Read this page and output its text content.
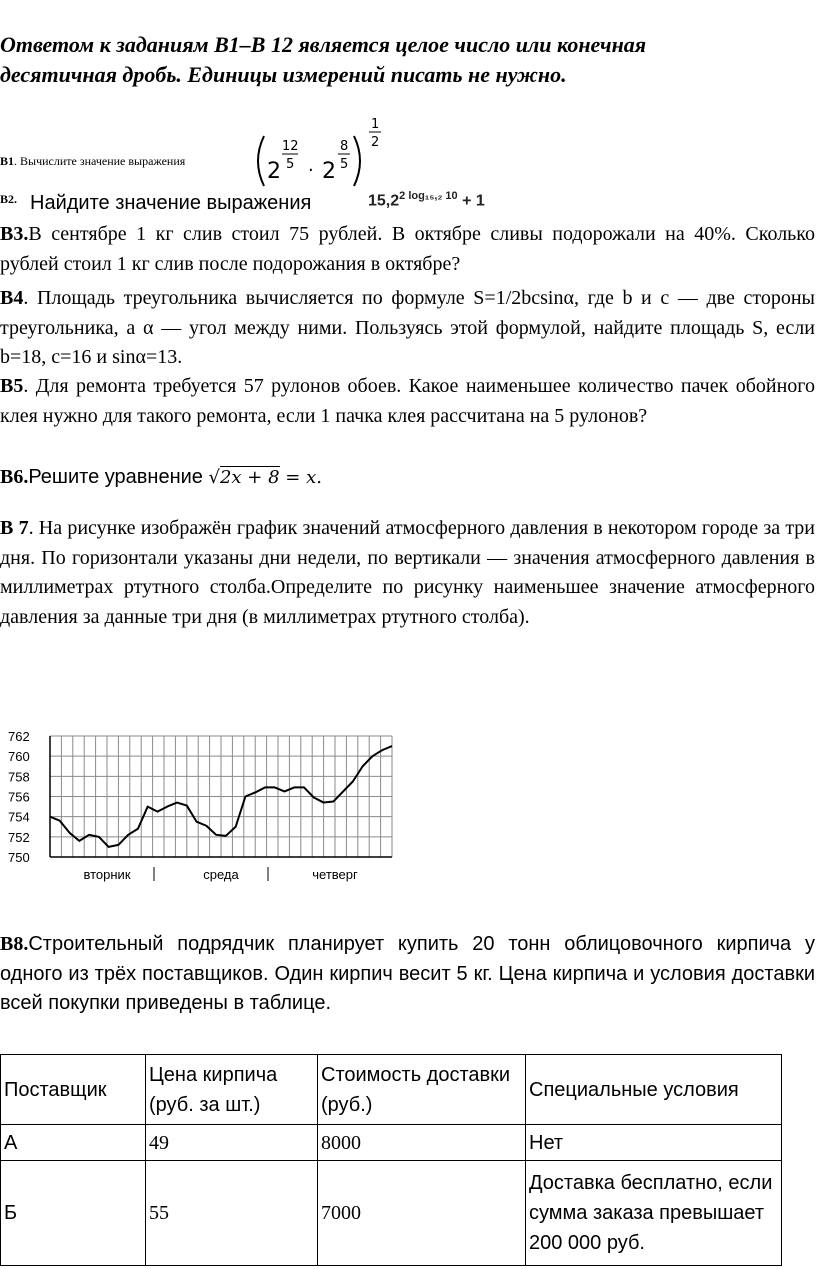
Ответом к заданиям В1–В 12 является целое число или конечная
десятичная дробь. Единицы измерений писать не нужно.
В1. Вычислите значение выражения	2
12
5 · 2
8
5
1
2
В2. Найдите значение выражения	$15,2^{2 log_{15},_2 10} + 1$

В3.В сентябре 1 кг слив стоил 75 рублей. В октябре сливы подорожали на 40%. Сколько рублей стоил 1 кг слив после подорожания в октябре?

В4. Площадь треугольника вычисляется по формуле S=1/2bcsinα, где b и c — две стороны треугольника, а α — угол между ними. Пользуясь этой формулой, найдите площадь S, если b=18, c=16 и sinα=13.

В5. Для ремонта требуется 57 рулонов обоев. Какое наименьшее количество пачек обойного клея нужно для такого ремонта, если 1 пачка клея рассчитана на 5 рулонов?

В6.Решите уравнение √2x + 8 = x.

В 7. На рисунке изображён график значений атмосферного давления в некотором городе за три дня. По горизонтали указаны дни недели, по вертикали — значения атмосферного давления в миллиметрах ртутного столба.Определите по рисунку наименьшее значение атмосферного давления за данные три дня (в миллиметрах ртутного столба).

762
760
758
756
754
752
750
вторник	среда	четверг

В8.Строительный подрядчик планирует купить 20 тонн облицовочного кирпича у одного из трёх поставщиков. Один кирпич весит 5 кг. Цена кирпича и условия доставки всей покупки приведены в таблице.

Поставщик	Цена кирпича (руб. за шт.)	Стоимость доставки (руб.)	Специальные условия
А	49	8000	Нет
Б	55	7000	Доставка бесплатно, если сумма заказа превышает 200 000 руб.
